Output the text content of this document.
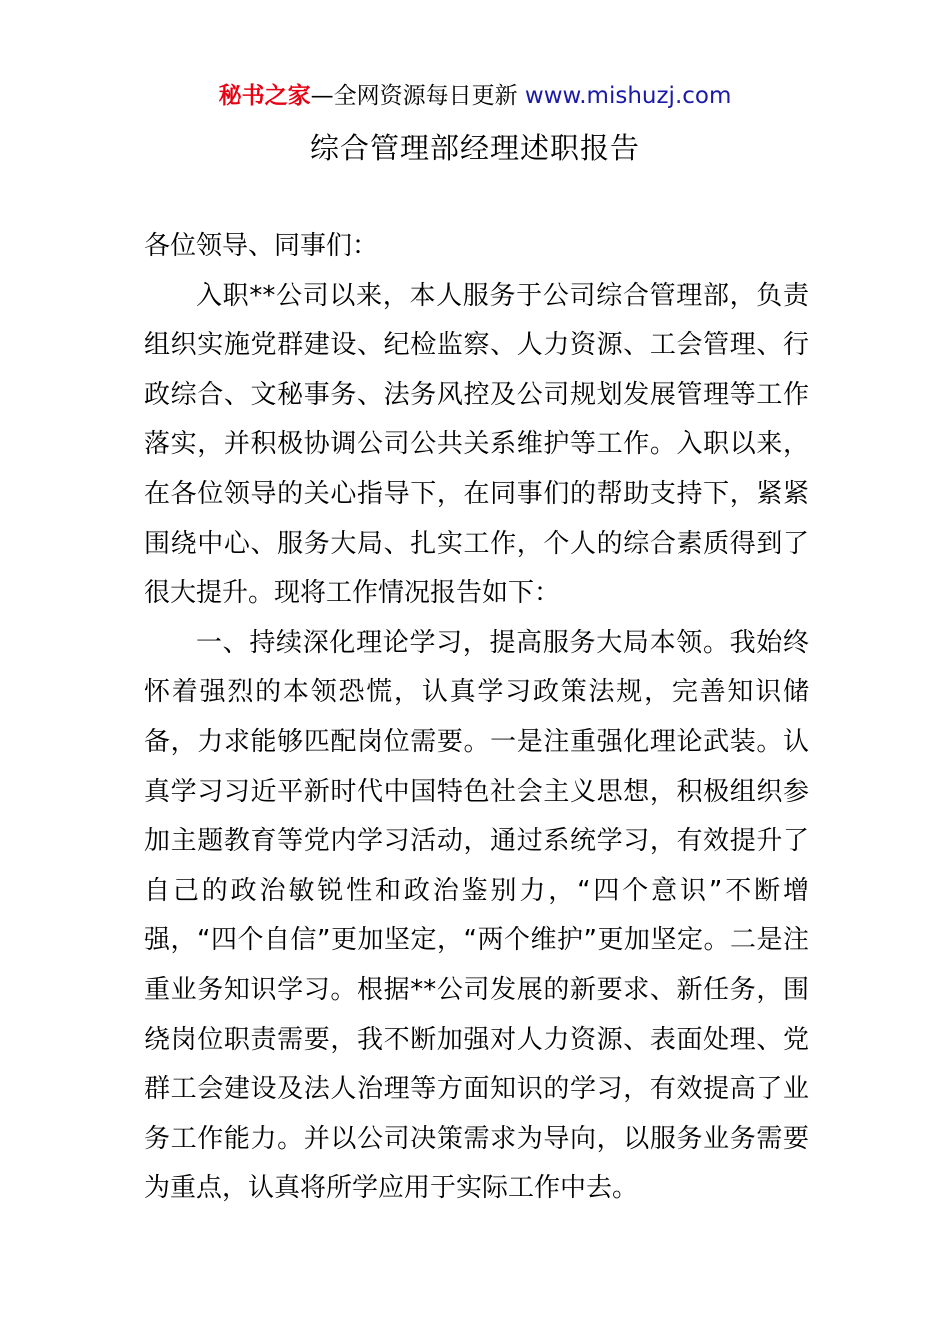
秘书之家—全网资源每日更新 www.mishuzj.com
综合管理部经理述职报告

各位领导、同事们：

入职**公司以来，本人服务于公司综合管理部，负责组织实施党群建设、纪检监察、人力资源、工会管理、行政综合、文秘事务、法务风控及公司规划发展管理等工作落实，并积极协调公司公共关系维护等工作。入职以来，在各位领导的关心指导下，在同事们的帮助支持下，紧紧围绕中心、服务大局、扎实工作，个人的综合素质得到了很大提升。现将工作情况报告如下：

一、持续深化理论学习，提高服务大局本领。我始终怀着强烈的本领恐慌，认真学习政策法规，完善知识储备，力求能够匹配岗位需要。一是注重强化理论武装。认真学习习近平新时代中国特色社会主义思想，积极组织参加主题教育等党内学习活动，通过系统学习，有效提升了自己的政治敏锐性和政治鉴别力，“四个意识”不断增强，“四个自信”更加坚定，“两个维护”更加坚定。二是注重业务知识学习。根据**公司发展的新要求、新任务，围绕岗位职责需要，我不断加强对人力资源、表面处理、党群工会建设及法人治理等方面知识的学习，有效提高了业务工作能力。并以公司决策需求为导向，以服务业务需要为重点，认真将所学应用于实际工作中去。
